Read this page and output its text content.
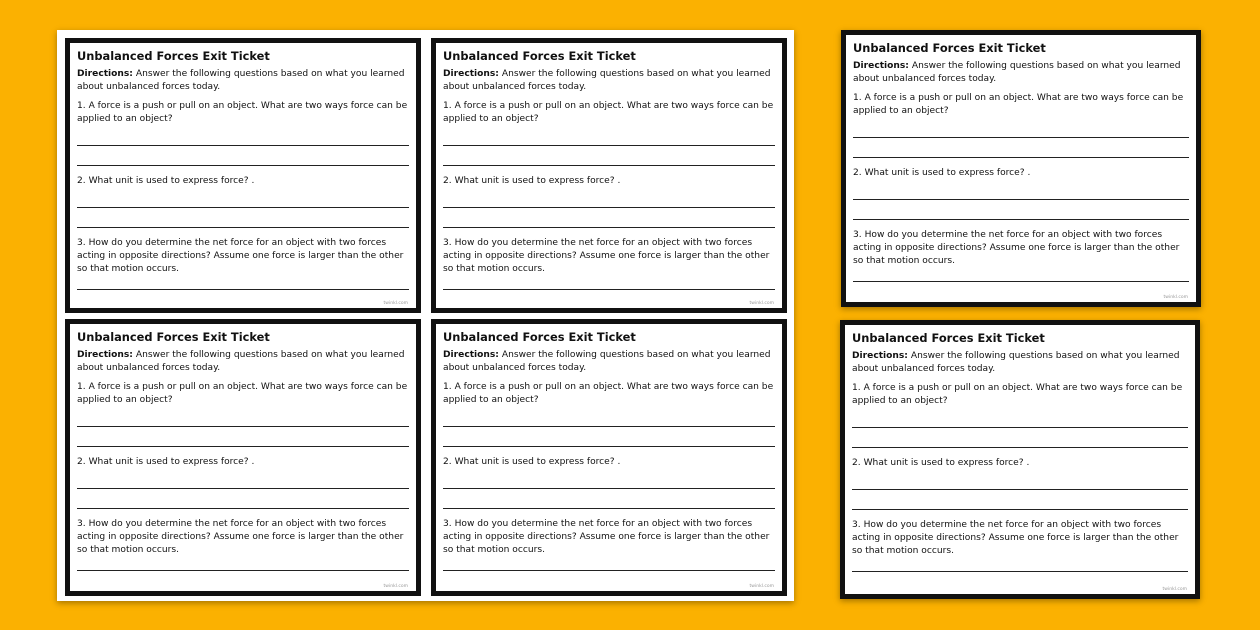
Unbalanced Forces Exit Ticket
Directions: Answer the following questions based on what you learned about unbalanced forces today.
1. A force is a push or pull on an object. What are two ways force can be applied to an object?
2. What unit is used to express force? .
3. How do you determine the net force for an object with two forces acting in opposite directions? Assume one force is larger than the other so that motion occurs.
twinkl.com
Unbalanced Forces Exit Ticket
Directions: Answer the following questions based on what you learned about unbalanced forces today.
1. A force is a push or pull on an object. What are two ways force can be applied to an object?
2. What unit is used to express force? .
3. How do you determine the net force for an object with two forces acting in opposite directions? Assume one force is larger than the other so that motion occurs.
twinkl.com
Unbalanced Forces Exit Ticket
Directions: Answer the following questions based on what you learned about unbalanced forces today.
1. A force is a push or pull on an object. What are two ways force can be applied to an object?
2. What unit is used to express force? .
3. How do you determine the net force for an object with two forces acting in opposite directions? Assume one force is larger than the other so that motion occurs.
twinkl.com
Unbalanced Forces Exit Ticket
Directions: Answer the following questions based on what you learned about unbalanced forces today.
1. A force is a push or pull on an object. What are two ways force can be applied to an object?
2. What unit is used to express force? .
3. How do you determine the net force for an object with two forces acting in opposite directions? Assume one force is larger than the other so that motion occurs.
twinkl.com
Unbalanced Forces Exit Ticket
Directions: Answer the following questions based on what you learned about unbalanced forces today.
1. A force is a push or pull on an object. What are two ways force can be applied to an object?
2. What unit is used to express force? .
3. How do you determine the net force for an object with two forces acting in opposite directions? Assume one force is larger than the other so that motion occurs.
twinkl.com
Unbalanced Forces Exit Ticket
Directions: Answer the following questions based on what you learned about unbalanced forces today.
1. A force is a push or pull on an object. What are two ways force can be applied to an object?
2. What unit is used to express force? .
3. How do you determine the net force for an object with two forces acting in opposite directions? Assume one force is larger than the other so that motion occurs.
twinkl.com
